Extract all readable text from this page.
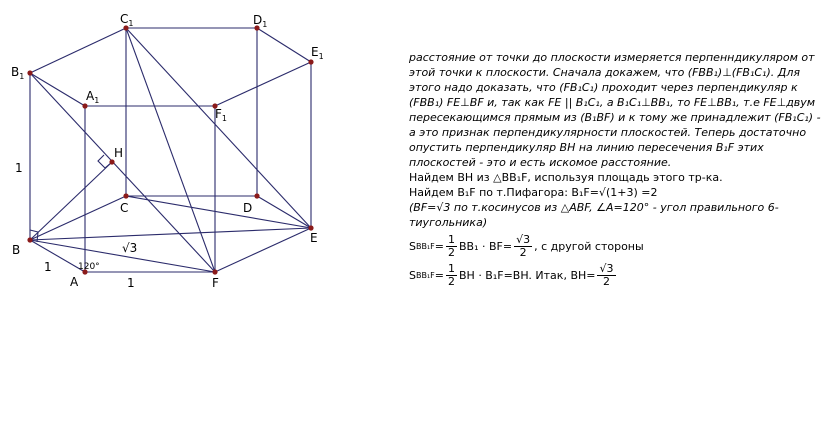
$C_1$	$D_1$
$E_1$
$B_1$
$A_1$
$F_1$
H
C	D
E
B
A	F
1
1
1
√3
120°

расстояние от точки до плоскости измеряется перпенндикуляром от этой точки к плоскости. Сначала докажем, что (FBB₁)⊥(FB₁C₁). Для этого надо доказать, что (FB₁C₁) проходит через перпендикуляр к (FBB₁) FE⊥BF и, так как FE || B₁C₁, а B₁C₁⊥BB₁, то FE⊥BB₁, т.е FE⊥двум пересекающимся прямым из (B₁BF) и к тому же принадлежит (FB₁C₁) - а это признак перпендикулярности плоскостей. Теперь достаточно опустить перпендикуляр ВН на линию пересечения B₁F этих плоскостей - это и есть искомое расстояние.

Найдем ВН из △BB₁F, используя площадь этого тр-ка.

Найдем B₁F по т.Пифагора: B₁F=√(1+3) =2

(BF=√3 по т.косинусов из △ABF, ∠A=120° - угол правильного 6-тиугольника)

S $BB_1F = \frac{1}{2} BB_1 \cdot BF= \frac{√3}{2}$ , с другой стороны
S $BB_1F = \frac{1}{2}$ BH · B₁F=BH. Итак, $BH= \frac{√3}{2}$
